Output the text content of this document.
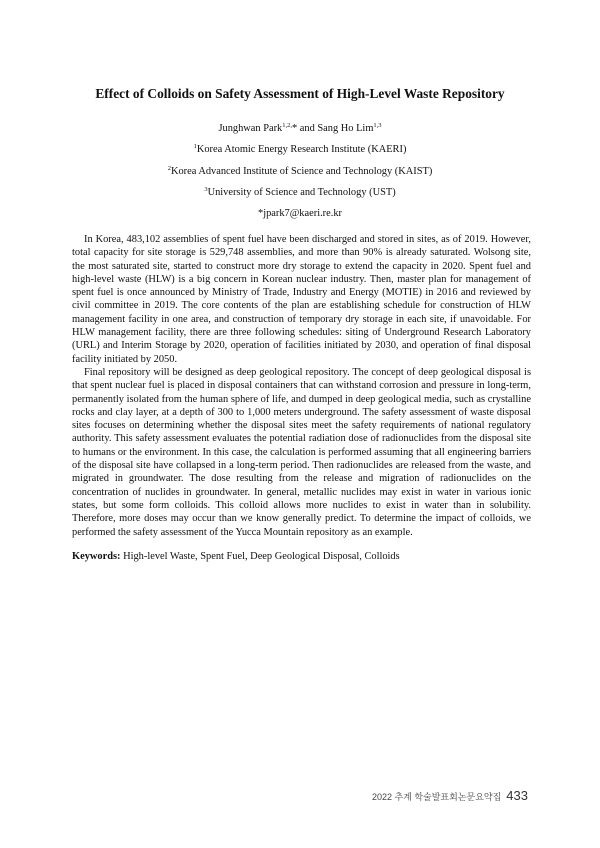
Effect of Colloids on Safety Assessment of High-Level Waste Repository
Junghwan Park$^{1,2,}$* and Sang Ho Lim$^{1,3}$
$^1$Korea Atomic Energy Research Institute (KAERI)
$^2$Korea Advanced Institute of Science and Technology (KAIST)
$^3$University of Science and Technology (UST)
*jpark7@kaeri.re.kr

In Korea, 483,102 assemblies of spent fuel have been discharged and stored in sites, as of 2019. However, total capacity for site storage is 529,748 assemblies, and more than 90% is already saturated. Wolsong site, the most saturated site, started to construct more dry storage to extend the capacity in 2020. Spent fuel and high-level waste (HLW) is a big concern in Korean nuclear industry. Then, master plan for management of spent fuel is once announced by Ministry of Trade, Industry and Energy (MOTIE) in 2016 and reviewed by civil committee in 2019. The core contents of the plan are establishing schedule for construction of HLW management facility in one area, and construction of temporary dry storage in each site, if unavoidable. For HLW management facility, there are three following schedules: siting of Underground Research Laboratory (URL) and Interim Storage by 2020, operation of facilities initiated by 2030, and operation of final disposal facility initiated by 2050.

Final repository will be designed as deep geological repository. The concept of deep geological disposal is that spent nuclear fuel is placed in disposal containers that can withstand corrosion and pressure in long-term, permanently isolated from the human sphere of life, and dumped in deep geological media, such as crystalline rocks and clay layer, at a depth of 300 to 1,000 meters underground. The safety assessment of waste disposal sites focuses on determining whether the disposal sites meet the safety requirements of national regulatory authority. This safety assessment evaluates the potential radiation dose of radionuclides from the disposal site to humans or the environment. In this case, the calculation is performed assuming that all engineering barriers of the disposal site have collapsed in a long-term period. Then radionuclides are released from the waste, and migrated in groundwater. The dose resulting from the release and migration of radionuclides on the concentration of nuclides in groundwater. In general, metallic nuclides may exist in water in various ionic states, but some form colloids. This colloid allows more nuclides to exist in water than in solubility. Therefore, more doses may occur than we know generally predict. To determine the impact of colloids, we performed the safety assessment of the Yucca Mountain repository as an example.

Keywords: High-level Waste, Spent Fuel, Deep Geological Disposal, Colloids
2022 추계 학술발표회논문요약집 433
